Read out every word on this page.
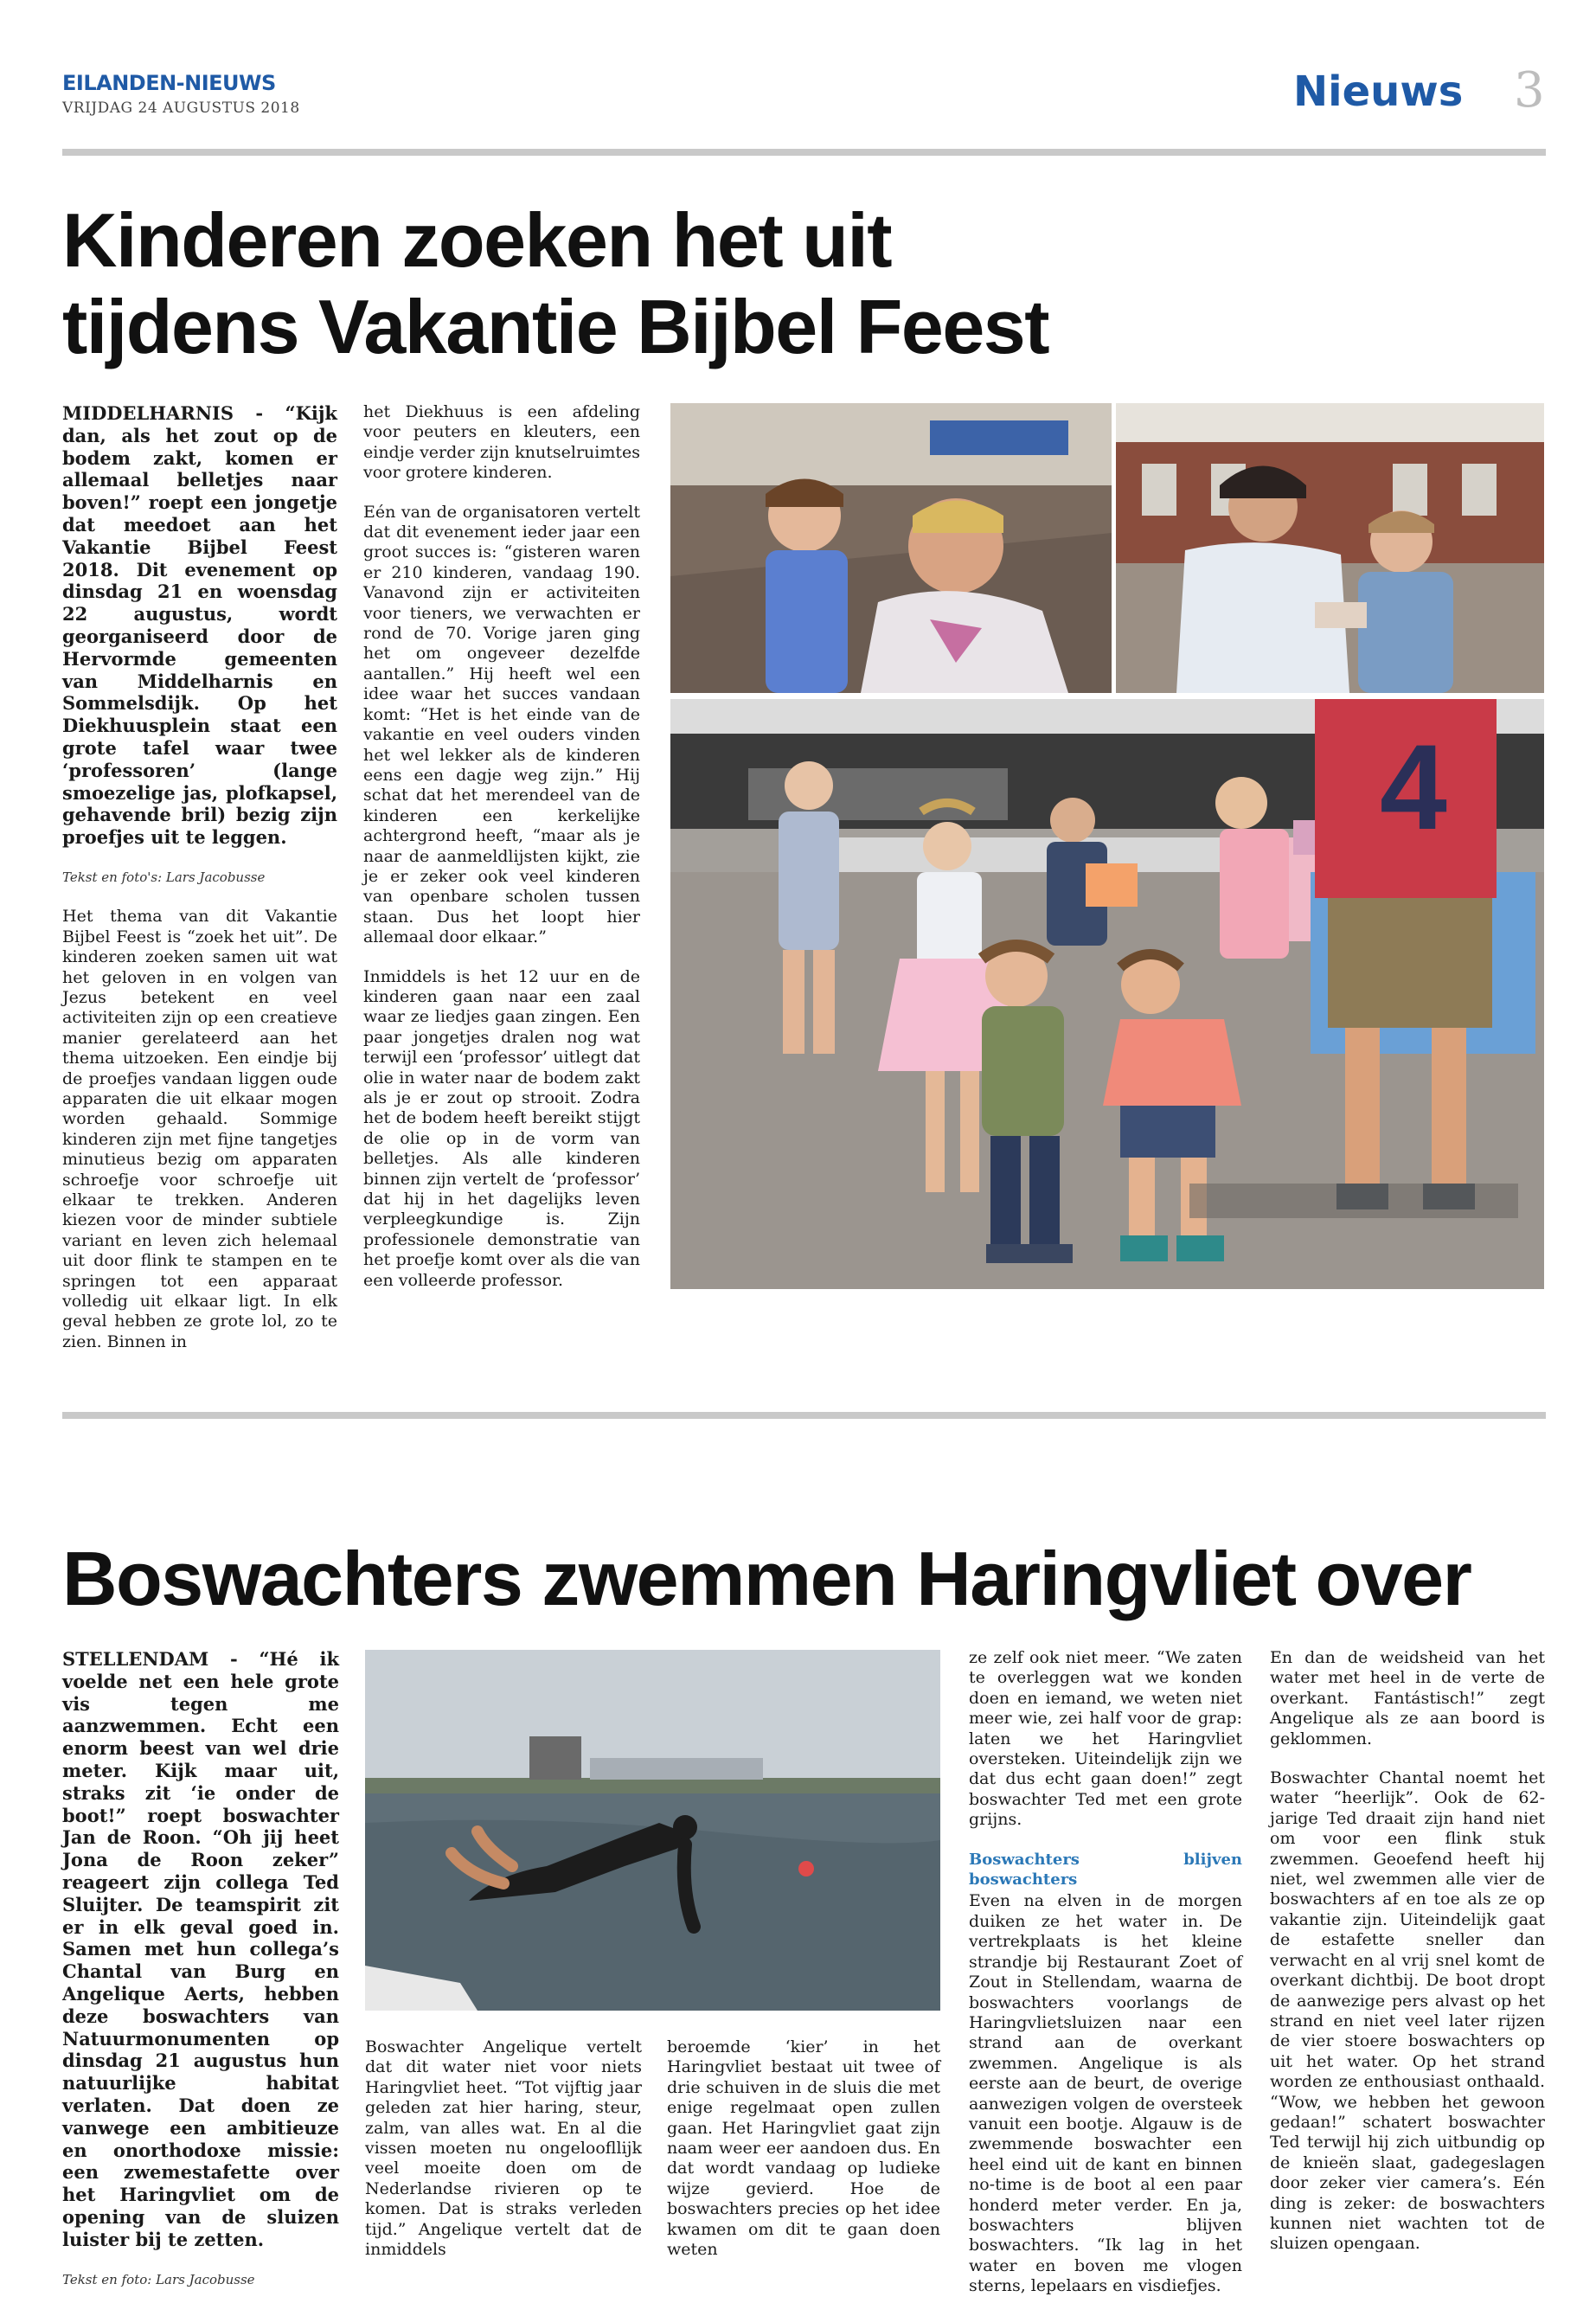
EILANDEN-NIEUWS
VRIJDAG 24 AUGUSTUS 2018	Nieuws 3
Kinderen zoeken het uit
tijdens Vakantie Bijbel Feest

MIDDELHARNIS - “Kijk dan, als het zout op de bodem zakt, komen er allemaal belletjes naar boven!” roept een jongetje dat meedoet aan het Vakantie Bijbel Feest 2018. Dit evenement op dinsdag 21 en woensdag 22 augustus, wordt georganiseerd door de Hervormde gemeenten van Middelharnis en Sommelsdijk. Op het Diekhuusplein staat een grote tafel waar twee ‘professoren’ (lange smoezelige jas, plofkapsel, gehavende bril) bezig zijn proefjes uit te leggen.

Tekst en foto's: Lars Jacobusse

Het thema van dit Vakantie Bijbel Feest is “zoek het uit”. De kinderen zoeken samen uit wat het geloven in en volgen van Jezus betekent en veel activiteiten zijn op een creatieve manier gerelateerd aan het thema uitzoeken. Een eindje bij de proefjes vandaan liggen oude apparaten die uit elkaar mogen worden gehaald. Sommige kinderen zijn met fijne tangetjes minutieus bezig om apparaten schroefje voor schroefje uit elkaar te trekken. Anderen kiezen voor de minder subtiele variant en leven zich helemaal uit door flink te stampen en te springen tot een apparaat volledig uit elkaar ligt. In elk geval hebben ze grote lol, zo te zien. Binnen in

het Diekhuus is een afdeling voor peuters en kleuters, een eindje verder zijn knutselruimtes voor grotere kinderen.

Eén van de organisatoren vertelt dat dit evenement ieder jaar een groot succes is: “gisteren waren er 210 kinderen, vandaag 190. Vanavond zijn er activiteiten voor tieners, we verwachten er rond de 70. Vorige jaren ging het om ongeveer dezelfde aantallen.” Hij heeft wel een idee waar het succes vandaan komt: “Het is het einde van de vakantie en veel ouders vinden het wel lekker als de kinderen eens een dagje weg zijn.” Hij schat dat het merendeel van de kinderen een kerkelijke achtergrond heeft, “maar als je naar de aanmeldlijsten kijkt, zie je er zeker ook veel kinderen van openbare scholen tussen staan. Dus het loopt hier allemaal door elkaar.”

Inmiddels is het 12 uur en de kinderen gaan naar een zaal waar ze liedjes gaan zingen. Een paar jongetjes dralen nog wat terwijl een ‘professor’ uitlegt dat olie in water naar de bodem zakt als je er zout op strooit. Zodra het de bodem heeft bereikt stijgt de olie op in de vorm van belletjes. Als alle kinderen binnen zijn vertelt de ‘professor’ dat hij in het dagelijks leven verpleegkundige is. Zijn professionele demonstratie van het proefje komt over als die van een volleerde professor.

4
Boswachters zwemmen Haringvliet over

STELLENDAM - “Hé ik voelde net een hele grote vis tegen me aanzwemmen. Echt een enorm beest van wel drie meter. Kijk maar uit, straks zit ‘ie onder de boot!” roept boswachter Jan de Roon. “Oh jij heet Jona de Roon zeker” reageert zijn collega Ted Sluijter. De teamspirit zit er in elk geval goed in. Samen met hun collega’s Chantal van Burg en Angelique Aerts, hebben deze boswachters van Natuurmonumenten op dinsdag 21 augustus hun natuurlijke habitat verlaten. Dat doen ze vanwege een ambitieuze en onorthodoxe missie: een zwemestafette over het Haringvliet om de opening van de sluizen luister bij te zetten.

Tekst en foto: Lars Jacobusse

Boswachter Angelique vertelt dat dit water niet voor niets Haringvliet heet. “Tot vijftig jaar geleden zat hier haring, steur, zalm, van alles wat. En al die vissen moeten nu ongeloofllijk veel moeite doen om de Nederlandse rivieren op te komen. Dat is straks verleden tijd.” Angelique vertelt dat de inmiddels

beroemde ‘kier’ in het Haringvliet bestaat uit twee of drie schuiven in de sluis die met enige regelmaat open zullen gaan. Het Haringvliet gaat zijn naam weer eer aandoen dus. En dat wordt vandaag op ludieke wijze gevierd. Hoe de boswachters precies op het idee kwamen om dit te gaan doen weten

ze zelf ook niet meer. “We zaten te overleggen wat we konden doen en iemand, we weten niet meer wie, zei half voor de grap: laten we het Haringvliet oversteken. Uiteindelijk zijn we dat dus echt gaan doen!” zegt boswachter Ted met een grote grijns.

Boswachters blijven boswachters

Even na elven in de morgen duiken ze het water in. De vertrekplaats is het kleine strandje bij Restaurant Zoet of Zout in Stellendam, waarna de boswachters voorlangs de Haringvlietsluizen naar een strand aan de overkant zwemmen. Angelique is als eerste aan de beurt, de overige aanwezigen volgen de oversteek vanuit een bootje. Algauw is de zwemmende boswachter een heel eind uit de kant en binnen no-time is de boot al een paar honderd meter verder. En ja, boswachters blijven boswachters. “Ik lag in het water en boven me vlogen sterns, lepelaars en visdiefjes.

En dan de weidsheid van het water met heel in de verte de overkant. Fantástisch!” zegt Angelique als ze aan boord is geklommen.

Boswachter Chantal noemt het water “heerlijk”. Ook de 62-jarige Ted draait zijn hand niet om voor een flink stuk zwemmen. Geoefend heeft hij niet, wel zwemmen alle vier de boswachters af en toe als ze op vakantie zijn. Uiteindelijk gaat de estafette sneller dan verwacht en al vrij snel komt de overkant dichtbij. De boot dropt de aanwezige pers alvast op het strand en niet veel later rijzen de vier stoere boswachters op uit het water. Op het strand worden ze enthousiast onthaald. “Wow, we hebben het gewoon gedaan!” schatert boswachter Ted terwijl hij zich uitbundig op de knieën slaat, gadegeslagen door zeker vier camera’s. Eén ding is zeker: de boswachters kunnen niet wachten tot de sluizen opengaan.
